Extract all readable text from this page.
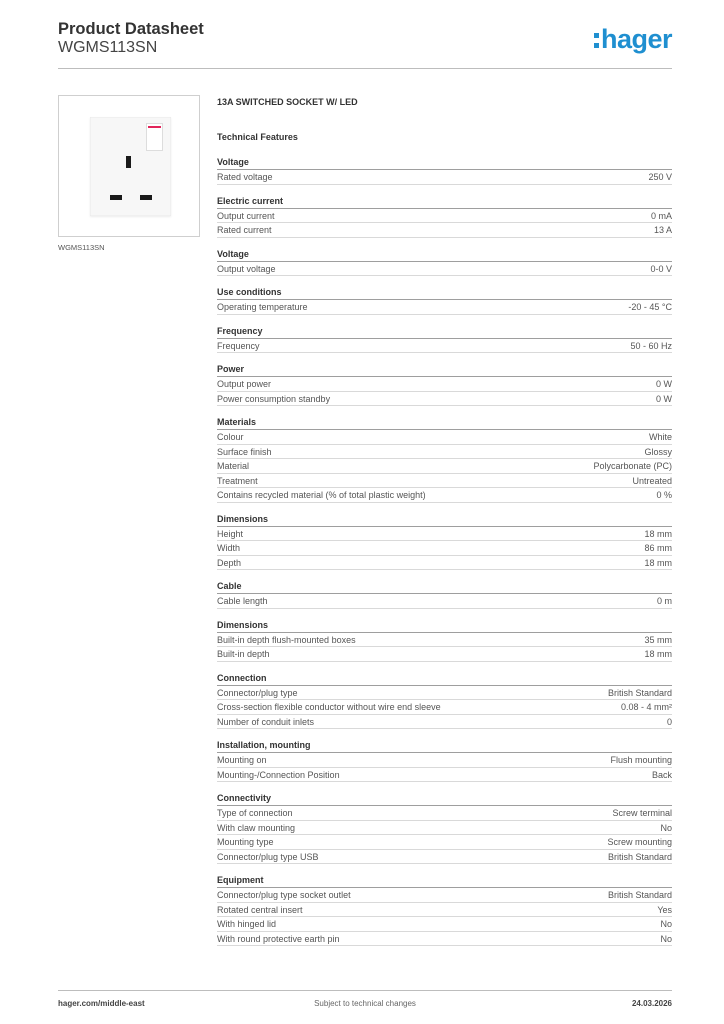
Product Datasheet
WGMS113SN	hager
WGMS113SN
13A SWITCHED SOCKET W/ LED
Technical Features
Voltage
Rated voltage	250 V
Electric current
Output current	0 mA
Rated current	13 A
Voltage
Output voltage	0-0 V
Use conditions
Operating temperature	-20 - 45 °C
Frequency
Frequency	50 - 60 Hz
Power
Output power	0 W
Power consumption standby	0 W
Materials
Colour	White
Surface finish	Glossy
Material	Polycarbonate (PC)
Treatment	Untreated
Contains recycled material (% of total plastic weight)	0 %
Dimensions
Height	18 mm
Width	86 mm
Depth	18 mm
Cable
Cable length	0 m
Dimensions
Built-in depth flush-mounted boxes	35 mm
Built-in depth	18 mm
Connection
Connector/plug type	British Standard
Cross-section flexible conductor without wire end sleeve	0.08 - 4 mm²
Number of conduit inlets	0
Installation, mounting
Mounting on	Flush mounting
Mounting-/Connection Position	Back
Connectivity
Type of connection	Screw terminal
With claw mounting	No
Mounting type	Screw mounting
Connector/plug type USB	British Standard
Equipment
Connector/plug type socket outlet	British Standard
Rotated central insert	Yes
With hinged lid	No
With round protective earth pin	No
hager.com/middle-east	Subject to technical changes	24.03.2026
